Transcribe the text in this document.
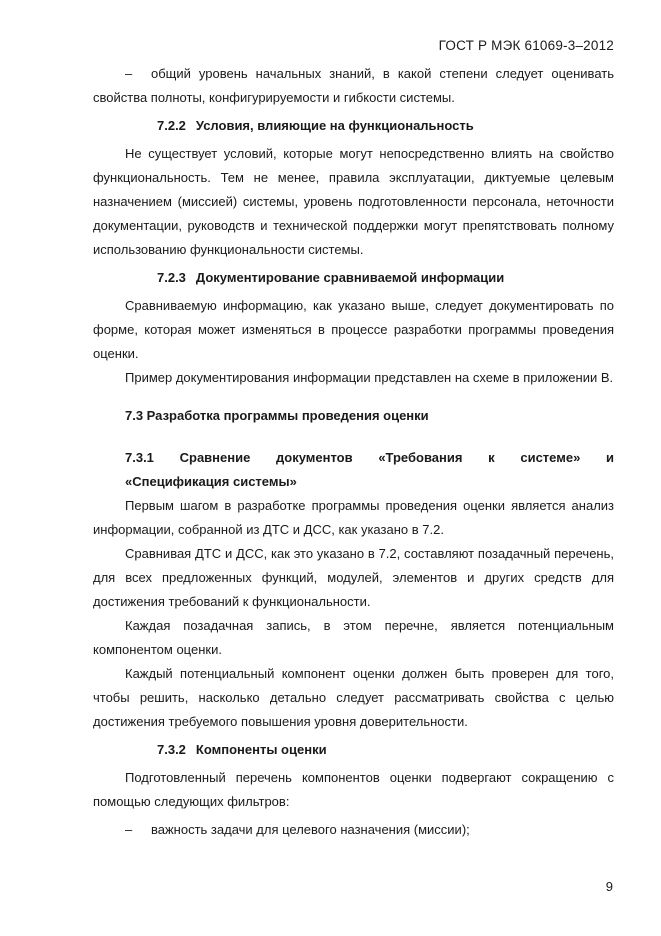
ГОСТ Р МЭК 61069-3–2012

– общий уровень начальных знаний, в какой степени следует оценивать свойства полноты, конфигурируемости и гибкости системы.

7.2.2 Условия, влияющие на функциональность

Не существует условий, которые могут непосредственно влиять на свойство функциональность. Тем не менее, правила эксплуатации, диктуемые целевым назначением (миссией) системы, уровень подготовленности персонала, неточности документации, руководств и технической поддержки могут препятствовать полному использованию функциональности системы.

7.2.3 Документирование сравниваемой информации

Сравниваемую информацию, как указано выше, следует документировать по форме, которая может изменяться в процессе разработки программы проведения оценки.

Пример документирования информации представлен на схеме в приложении В.

7.3 Разработка программы проведения оценки

7.3.1 Сравнение документов «Требования к системе» и

«Спецификация системы»

Первым шагом в разработке программы проведения оценки является анализ информации, собранной из ДТС и ДСС, как указано в 7.2.

Сравнивая ДТС и ДСС, как это указано в 7.2, составляют позадачный перечень, для всех предложенных функций, модулей, элементов и других средств для достижения требований к функциональности.

Каждая позадачная запись, в этом перечне, является потенциальным компонентом оценки.

Каждый потенциальный компонент оценки должен быть проверен для того, чтобы решить, насколько детально следует рассматривать свойства с целью достижения требуемого повышения уровня доверительности.

7.3.2 Компоненты оценки

Подготовленный перечень компонентов оценки подвергают сокращению с помощью следующих фильтров:

– важность задачи для целевого назначения (миссии);

9
